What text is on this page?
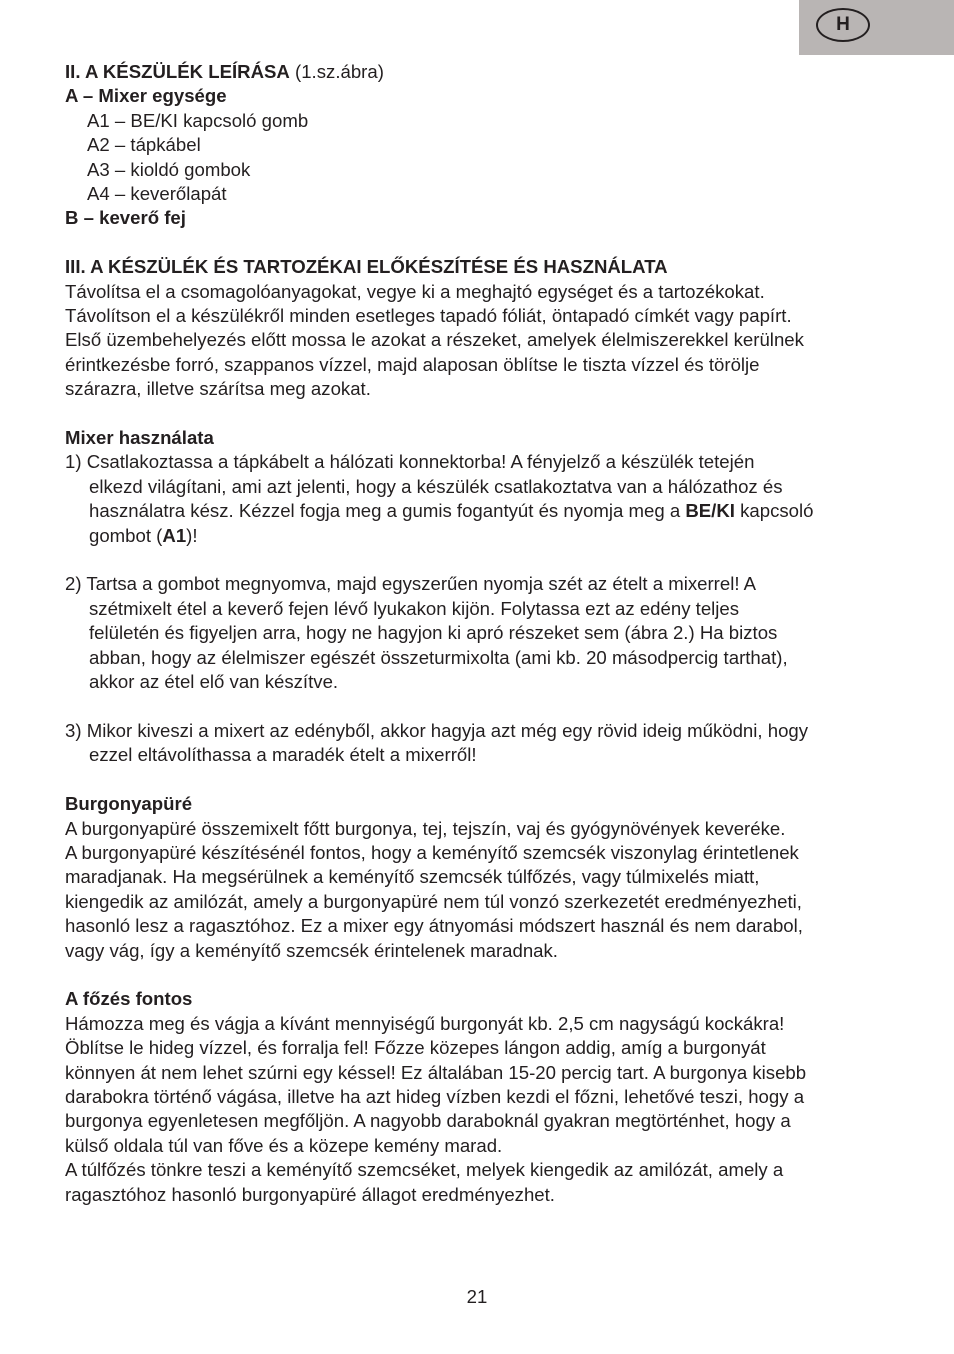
H

II. A KÉSZÜLÉK LEÍRÁSA (1.sz.ábra)

A – Mixer egysége

A1 – BE/KI kapcsoló gomb

A2 – tápkábel

A3 – kioldó gombok

A4 – keverőlapát

B – keverő fej

III. A KÉSZÜLÉK ÉS TARTOZÉKAI ELŐKÉSZÍTÉSE ÉS HASZNÁLATA

Távolítsa el a csomagolóanyagokat, vegye ki a meghajtó egységet és a tartozékokat.

Távolítson el a készülékről minden esetleges tapadó fóliát, öntapadó címkét vagy papírt.

Első üzembehelyezés előtt mossa le azokat a részeket, amelyek élelmiszerekkel kerülnek

érintkezésbe forró, szappanos vízzel, majd alaposan öblítse le tiszta vízzel és törölje

szárazra, illetve szárítsa meg azokat.

Mixer használata

1) Csatlakoztassa a tápkábelt a hálózati konnektorba! A fényjelző a készülék tetején

elkezd világítani, ami azt jelenti, hogy a készülék csatlakoztatva van a hálózathoz és

használatra kész. Kézzel fogja meg a gumis fogantyút és nyomja meg a BE/KI kapcsoló

gombot (A1)!

2) Tartsa a gombot megnyomva, majd egyszerűen nyomja szét az ételt a mixerrel! A

szétmixelt étel a keverő fejen lévő lyukakon kijön. Folytassa ezt az edény teljes

felületén és figyeljen arra, hogy ne hagyjon ki apró részeket sem (ábra 2.) Ha biztos

abban, hogy az élelmiszer egészét összeturmixolta (ami kb. 20 másodpercig tarthat),

akkor az étel elő van készítve.

3) Mikor kiveszi a mixert az edényből, akkor hagyja azt még egy rövid ideig működni, hogy

ezzel eltávolíthassa a maradék ételt a mixerről!

Burgonyapüré

A burgonyapüré összemixelt főtt burgonya, tej, tejszín, vaj és gyógynövények keveréke.

A burgonyapüré készítésénél fontos, hogy a keményítő szemcsék viszonylag érintetlenek

maradjanak. Ha megsérülnek a keményítő szemcsék túlfőzés, vagy túlmixelés miatt,

kiengedik az amilózát, amely a burgonyapüré nem túl vonzó szerkezetét eredményezheti,

hasonló lesz a ragasztóhoz. Ez a mixer egy átnyomási módszert használ és nem darabol,

vagy vág, így a keményítő szemcsék érintelenek maradnak.

A főzés fontos

Hámozza meg és vágja a kívánt mennyiségű burgonyát kb. 2,5 cm nagyságú kockákra!

Öblítse le hideg vízzel, és forralja fel! Főzze közepes lángon addig, amíg a burgonyát

könnyen át nem lehet szúrni egy késsel! Ez általában 15-20 percig tart. A burgonya kisebb

darabokra történő vágása, illetve ha azt hideg vízben kezdi el főzni, lehetővé teszi, hogy a

burgonya egyenletesen megfőljön. A nagyobb daraboknál gyakran megtörténhet, hogy a

külső oldala túl van főve és a közepe kemény marad.

A túlfőzés tönkre teszi a keményítő szemcséket, melyek kiengedik az amilózát, amely a

ragasztóhoz hasonló burgonyapüré állagot eredményezhet.

21
